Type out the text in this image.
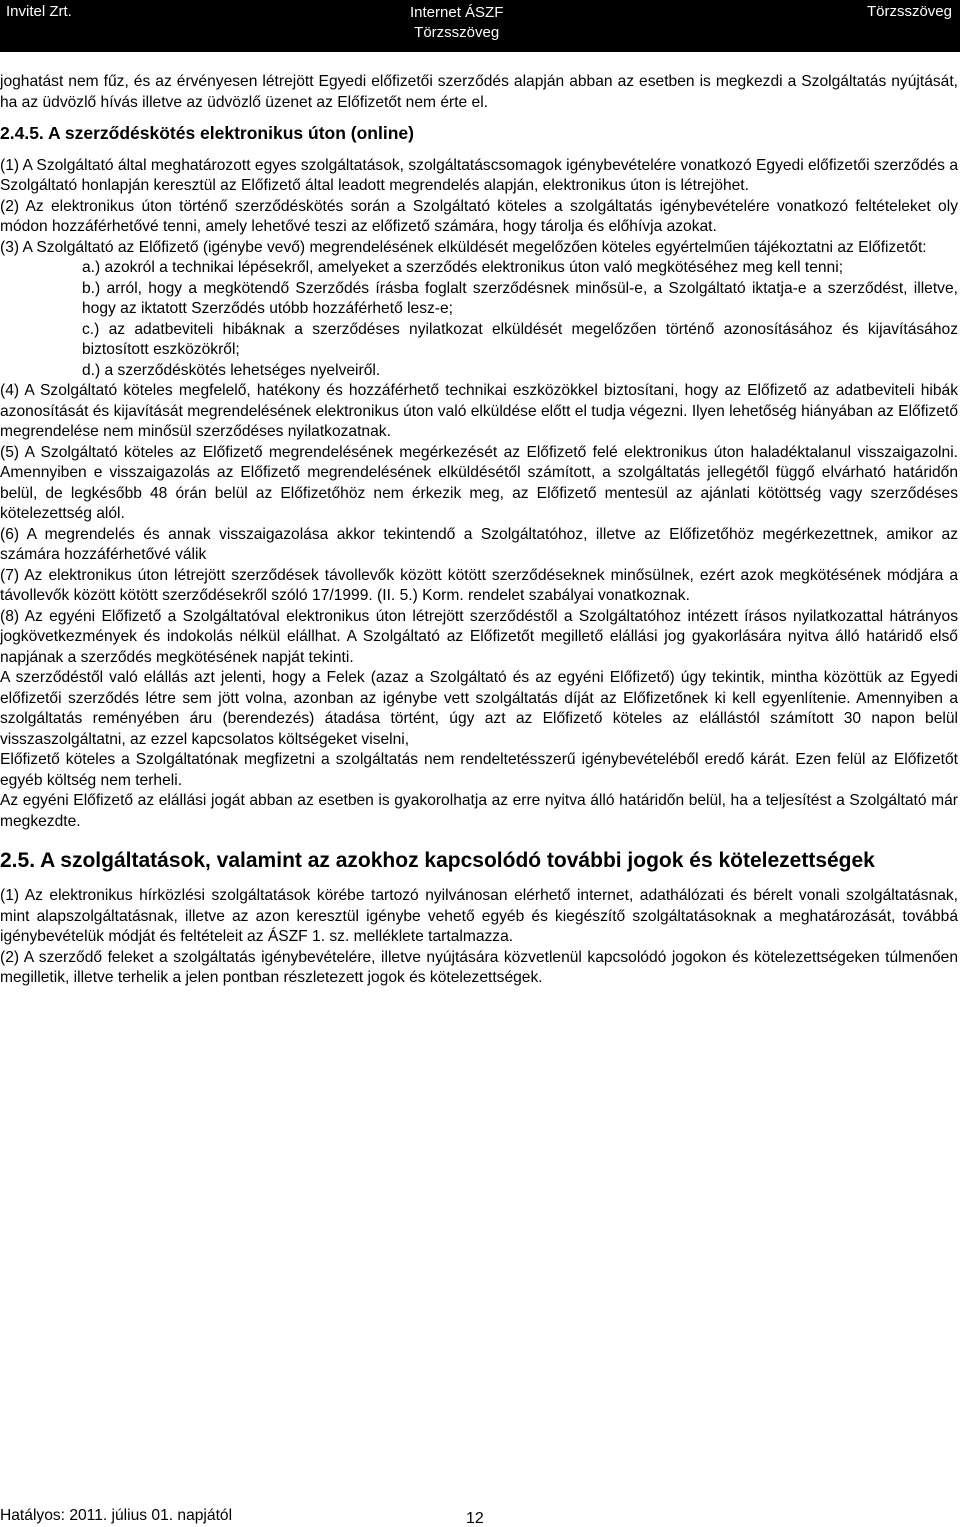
Invitel Zrt.	Internet ÁSZF
Törzsszöveg
Törzsszöveg

joghatást nem fűz, és az érvényesen létrejött Egyedi előfizetői szerződés alapján abban az esetben is megkezdi a Szolgáltatás nyújtását, ha az üdvözlő hívás illetve az üdvözlő üzenet az Előfizetőt nem érte el.

2.4.5. A szerződéskötés elektronikus úton (online)

(1) A Szolgáltató által meghatározott egyes szolgáltatások, szolgáltatáscsomagok igénybevételére vonatkozó Egyedi előfizetői szerződés a Szolgáltató honlapján keresztül az Előfizető által leadott megrendelés alapján, elektronikus úton is létrejöhet.

(2) Az elektronikus úton történő szerződéskötés során a Szolgáltató köteles a szolgáltatás igénybevételére vonatkozó feltételeket oly módon hozzáférhetővé tenni, amely lehetővé teszi az előfizető számára, hogy tárolja és előhívja azokat.

(3) A Szolgáltató az Előfizető (igénybe vevő) megrendelésének elküldését megelőzően köteles egyértelműen tájékoztatni az Előfizetőt:

a.) azokról a technikai lépésekről, amelyeket a szerződés elektronikus úton való megkötéséhez meg kell tenni;

b.) arról, hogy a megkötendő Szerződés írásba foglalt szerződésnek minősül-e, a Szolgáltató iktatja-e a szerződést, illetve, hogy az iktatott Szerződés utóbb hozzáférhető lesz-e;

c.) az adatbeviteli hibáknak a szerződéses nyilatkozat elküldését megelőzően történő azonosításához és kijavításához biztosított eszközökről;

d.) a szerződéskötés lehetséges nyelveiről.

(4) A Szolgáltató köteles megfelelő, hatékony és hozzáférhető technikai eszközökkel biztosítani, hogy az Előfizető az adatbeviteli hibák azonosítását és kijavítását megrendelésének elektronikus úton való elküldése előtt el tudja végezni. Ilyen lehetőség hiányában az Előfizető megrendelése nem minősül szerződéses nyilatkozatnak.

(5) A Szolgáltató köteles az Előfizető megrendelésének megérkezését az Előfizető felé elektronikus úton haladéktalanul visszaigazolni. Amennyiben e visszaigazolás az Előfizető megrendelésének elküldésétől számított, a szolgáltatás jellegétől függő elvárható határidőn belül, de legkésőbb 48 órán belül az Előfizetőhöz nem érkezik meg, az Előfizető mentesül az ajánlati kötöttség vagy szerződéses kötelezettség alól.

(6) A megrendelés és annak visszaigazolása akkor tekintendő a Szolgáltatóhoz, illetve az Előfizetőhöz megérkezettnek, amikor az számára hozzáférhetővé válik

(7) Az elektronikus úton létrejött szerződések távollevők között kötött szerződéseknek minősülnek, ezért azok megkötésének módjára a távollevők között kötött szerződésekről szóló 17/1999. (II. 5.) Korm. rendelet szabályai vonatkoznak.

(8) Az egyéni Előfizető a Szolgáltatóval elektronikus úton létrejött szerződéstől a Szolgáltatóhoz intézett írásos nyilatkozattal hátrányos jogkövetkezmények és indokolás nélkül elállhat. A Szolgáltató az Előfizetőt megillető elállási jog gyakorlására nyitva álló határidő első napjának a szerződés megkötésének napját tekinti.

A szerződéstől való elállás azt jelenti, hogy a Felek (azaz a Szolgáltató és az egyéni Előfizető) úgy tekintik, mintha közöttük az Egyedi előfizetői szerződés létre sem jött volna, azonban az igénybe vett szolgáltatás díját az Előfizetőnek ki kell egyenlítenie. Amennyiben a szolgáltatás reményében áru (berendezés) átadása történt, úgy azt az Előfizető köteles az elállástól számított 30 napon belül visszaszolgáltatni, az ezzel kapcsolatos költségeket viselni,

Előfizető köteles a Szolgáltatónak megfizetni a szolgáltatás nem rendeltetésszerű igénybevételéből eredő kárát. Ezen felül az Előfizetőt egyéb költség nem terheli.

Az egyéni Előfizető az elállási jogát abban az esetben is gyakorolhatja az erre nyitva álló határidőn belül, ha a teljesítést a Szolgáltató már megkezdte.

2.5. A szolgáltatások, valamint az azokhoz kapcsolódó további jogok és kötelezettségek

(1) Az elektronikus hírközlési szolgáltatások körébe tartozó nyilvánosan elérhető internet, adathálózati és bérelt vonali szolgáltatásnak, mint alapszolgáltatásnak, illetve az azon keresztül igénybe vehető egyéb és kiegészítő szolgáltatásoknak a meghatározását, továbbá igénybevételük módját és feltételeit az ÁSZF 1. sz. melléklete tartalmazza.

(2) A szerződő feleket a szolgáltatás igénybevételére, illetve nyújtására közvetlenül kapcsolódó jogokon és kötelezettségeken túlmenően megilletik, illetve terhelik a jelen pontban részletezett jogok és kötelezettségek.

Hatályos: 2011. július 01. napjától	12
